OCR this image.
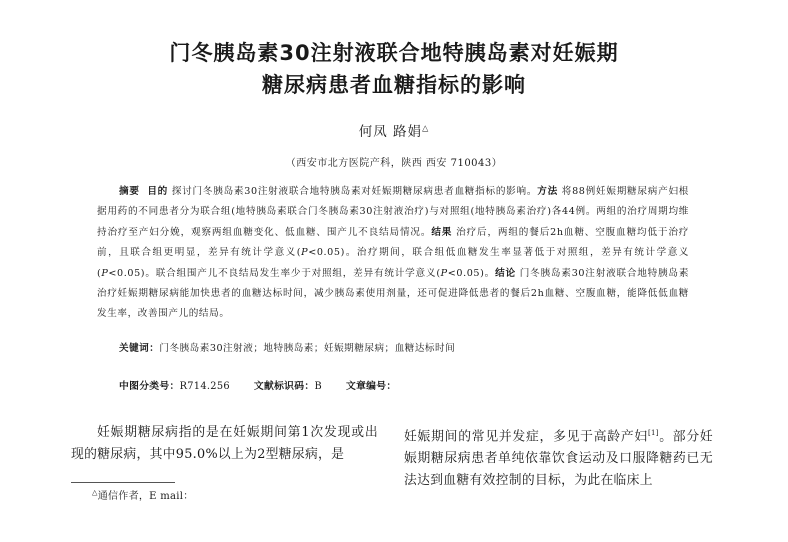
门冬胰岛素30注射液联合地特胰岛素对妊娠期
糖尿病患者血糖指标的影响
何凤 路娟△
（西安市北方医院产科，陕西 西安 710043）
摘要 目的 探讨门冬胰岛素30注射液联合地特胰岛素对妊娠期糖尿病患者血糖指标的影响。方法 将88例妊娠期糖尿病产妇根据用药的不同患者分为联合组(地特胰岛素联合门冬胰岛素30注射液治疗)与对照组(地特胰岛素治疗)各44例。两组的治疗周期均维持治疗至产妇分娩，观察两组血糖变化、低血糖、围产儿不良结局情况。结果 治疗后，两组的餐后2h血糖、空腹血糖均低于治疗前，且联合组更明显，差异有统计学意义(P<0.05)。治疗期间，联合组低血糖发生率显著低于对照组，差异有统计学意义(P<0.05)。联合组围产儿不良结局发生率少于对照组，差异有统计学意义(P<0.05)。结论 门冬胰岛素30注射液联合地特胰岛素治疗妊娠期糖尿病能加快患者的血糖达标时间，减少胰岛素使用剂量，还可促进降低患者的餐后2h血糖、空腹血糖，能降低低血糖发生率，改善围产儿的结局。
关键词：门冬胰岛素30注射液；地特胰岛素；妊娠期糖尿病；血糖达标时间
中图分类号：R714.256 文献标识码：B 文章编号：
妊娠期糖尿病指的是在妊娠期间第1次发现或出现的糖尿病，其中95.0%以上为2型糖尿病，是
妊娠期间的常见并发症，多见于高龄产妇[1]。部分妊娠期糖尿病患者单纯依靠饮食运动及口服降糖药已无法达到血糖有效控制的目标，为此在临床上
△通信作者，E mail：
